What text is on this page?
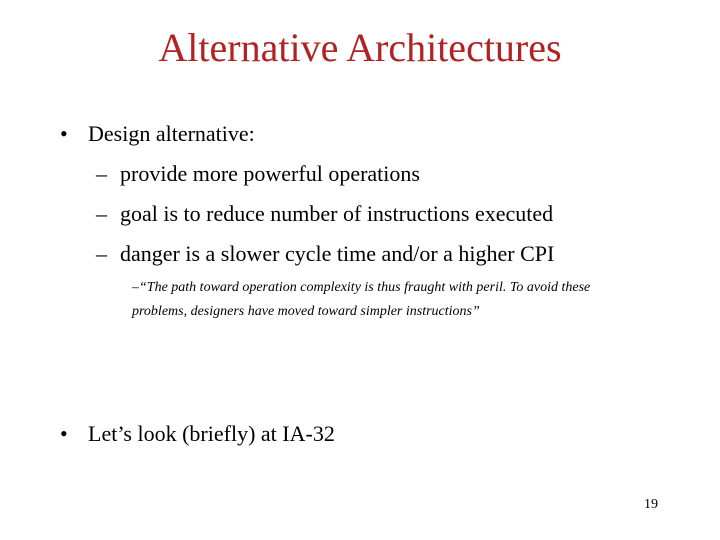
Alternative Architectures
• Design alternative:
– provide more powerful operations
– goal is to reduce number of instructions executed
– danger is a slower cycle time and/or a higher CPI
–“The path toward operation complexity is thus fraught with peril. To avoid these problems, designers have moved toward simpler instructions”
• Let’s look (briefly) at IA-32
19
